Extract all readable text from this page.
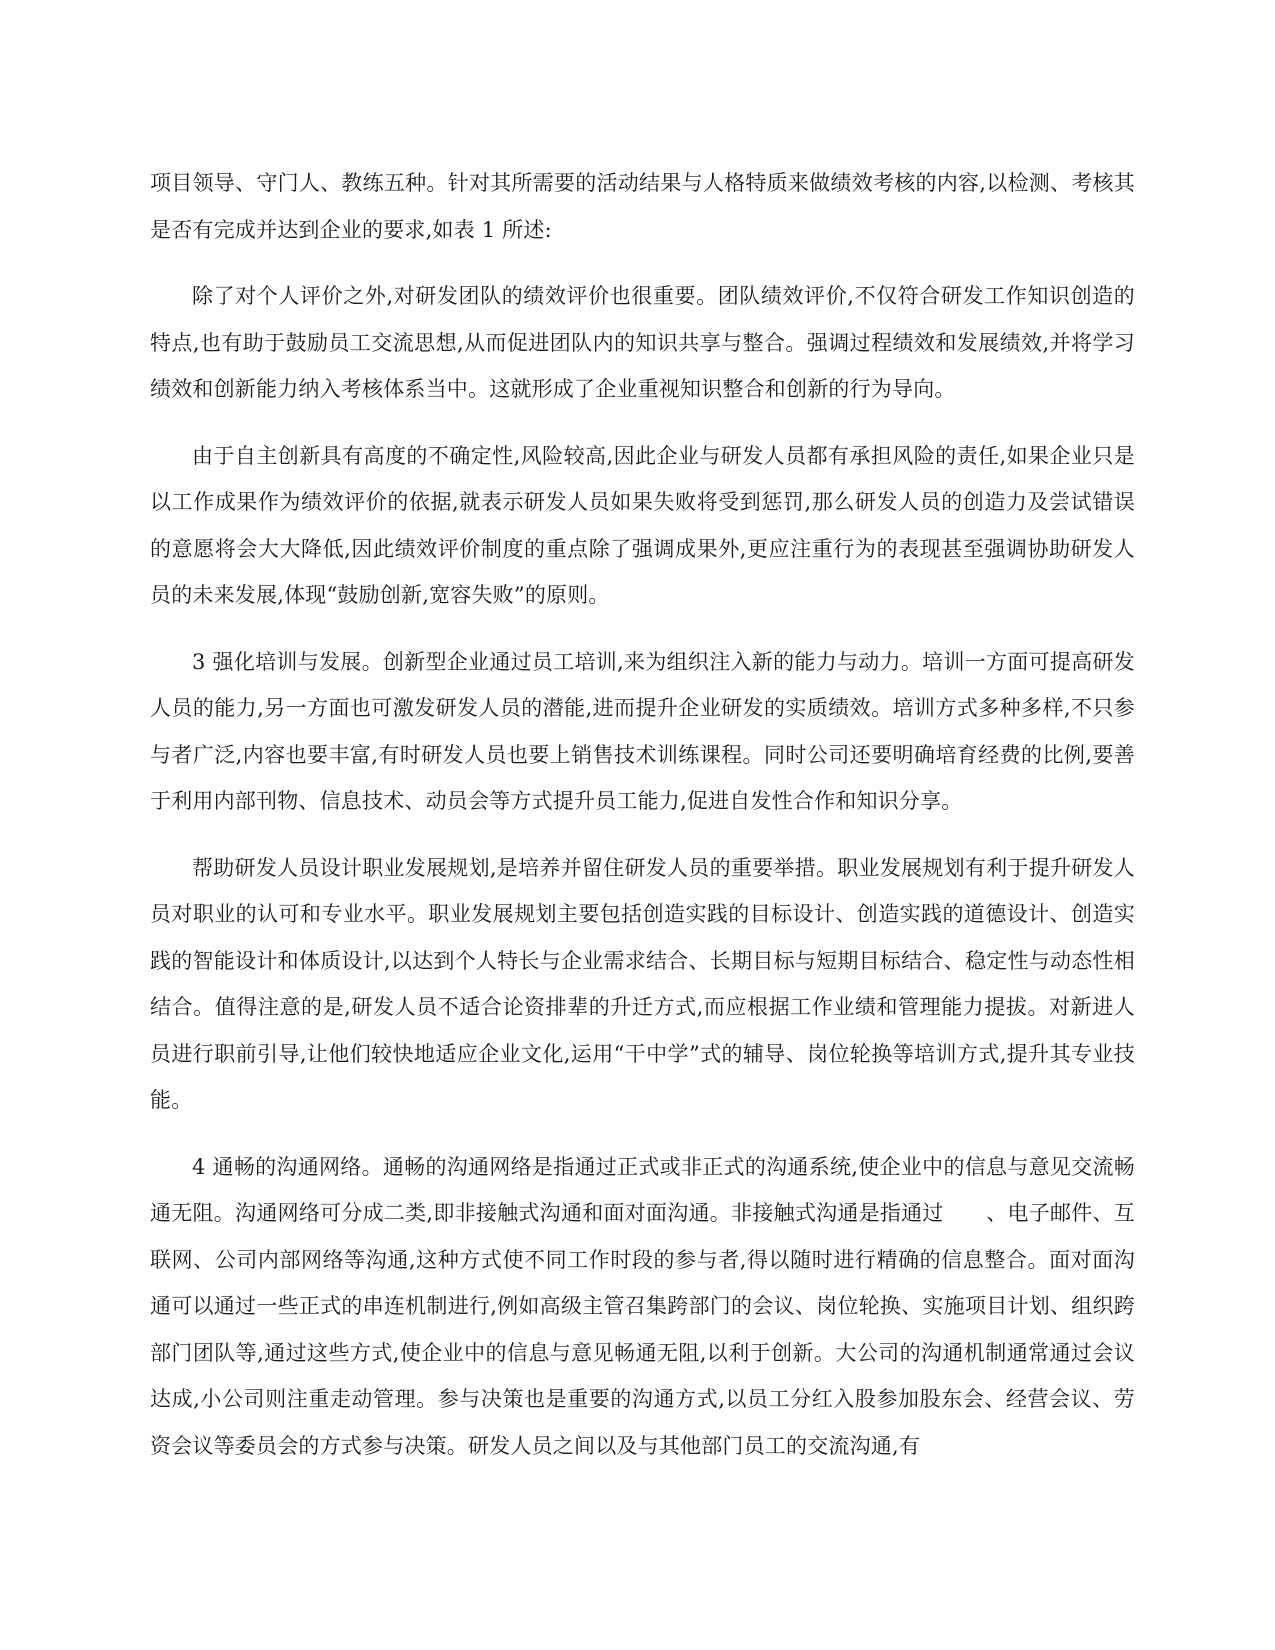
项目领导、守门人、教练五种。针对其所需要的活动结果与人格特质来做绩效考核的内容,以检测、考核其是否有完成并达到企业的要求,如表 1 所述:

除了对个人评价之外,对研发团队的绩效评价也很重要。团队绩效评价,不仅符合研发工作知识创造的特点,也有助于鼓励员工交流思想,从而促进团队内的知识共享与整合。强调过程绩效和发展绩效,并将学习绩效和创新能力纳入考核体系当中。这就形成了企业重视知识整合和创新的行为导向。

由于自主创新具有高度的不确定性,风险较高,因此企业与研发人员都有承担风险的责任,如果企业只是以工作成果作为绩效评价的依据,就表示研发人员如果失败将受到惩罚,那么研发人员的创造力及尝试错误的意愿将会大大降低,因此绩效评价制度的重点除了强调成果外,更应注重行为的表现甚至强调协助研发人员的未来发展,体现“鼓励创新,宽容失败”的原则。

3 强化培训与发展。创新型企业通过员工培训,来为组织注入新的能力与动力。培训一方面可提高研发人员的能力,另一方面也可激发研发人员的潜能,进而提升企业研发的实质绩效。培训方式多种多样,不只参与者广泛,内容也要丰富,有时研发人员也要上销售技术训练课程。同时公司还要明确培育经费的比例,要善于利用内部刊物、信息技术、动员会等方式提升员工能力,促进自发性合作和知识分享。

帮助研发人员设计职业发展规划,是培养并留住研发人员的重要举措。职业发展规划有利于提升研发人员对职业的认可和专业水平。职业发展规划主要包括创造实践的目标设计、创造实践的道德设计、创造实践的智能设计和体质设计,以达到个人特长与企业需求结合、长期目标与短期目标结合、稳定性与动态性相结合。值得注意的是,研发人员不适合论资排辈的升迁方式,而应根据工作业绩和管理能力提拔。对新进人员进行职前引导,让他们较快地适应企业文化,运用“干中学”式的辅导、岗位轮换等培训方式,提升其专业技能。

4 通畅的沟通网络。通畅的沟通网络是指通过正式或非正式的沟通系统,使企业中的信息与意见交流畅通无阻。沟通网络可分成二类,即非接触式沟通和面对面沟通。非接触式沟通是指通过　　、电子邮件、互联网、公司内部网络等沟通,这种方式使不同工作时段的参与者,得以随时进行精确的信息整合。面对面沟通可以通过一些正式的串连机制进行,例如高级主管召集跨部门的会议、岗位轮换、实施项目计划、组织跨部门团队等,通过这些方式,使企业中的信息与意见畅通无阻,以利于创新。大公司的沟通机制通常通过会议达成,小公司则注重走动管理。参与决策也是重要的沟通方式,以员工分红入股参加股东会、经营会议、劳资会议等委员会的方式参与决策。研发人员之间以及与其他部门员工的交流沟通,有
